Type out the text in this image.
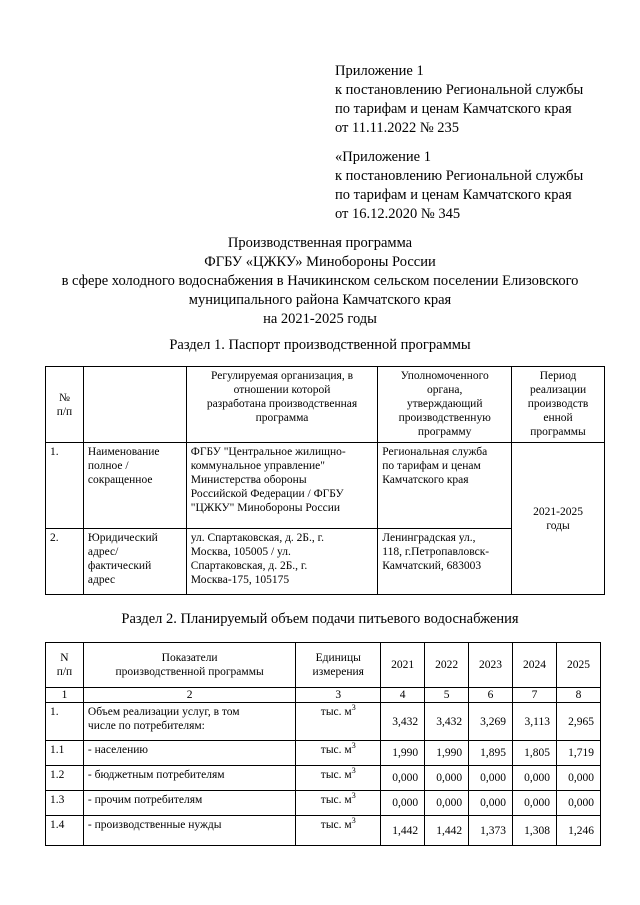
Приложение 1
к постановлению Региональной службы
по тарифам и ценам Камчатского края
от 11.11.2022 № 235
«Приложение 1
к постановлению Региональной службы
по тарифам и ценам Камчатского края
от 16.12.2020 № 345
Производственная программа
ФГБУ «ЦЖКУ» Минобороны России
в сфере холодного водоснабжения в Начикинском сельском поселении Елизовского
муниципального района Камчатского края
на 2021-2025 годы
Раздел 1. Паспорт производственной программы
№
п/п		Регулируемая организация, в
отношении которой
разработана производственная
программа	Уполномоченного
органа,
утверждающий
производственную
программу	Период
реализации
производств
енной
программы
1.	Наименование
полное /
сокращенное	ФГБУ "Центральное жилищно-
коммунальное управление"
Министерства обороны
Российской Федерации / ФГБУ
"ЦЖКУ" Минобороны России	Региональная служба
по тарифам и ценам
Камчатского края	2021-2025
годы
2.	Юридический
адрес/
фактический
адрес	ул. Спартаковская, д. 2Б., г.
Москва, 105005 / ул.
Спартаковская, д. 2Б., г.
Москва-175, 105175	Ленинградская ул.,
118, г.Петропавловск-
Камчатский, 683003	
Раздел 2. Планируемый объем подачи питьевого водоснабжения
N
п/п	Показатели
производственной программы	Единицы
измерения	2021	2022	2023	2024	2025
1	2	3	4	5	6	7	8
1.	Объем реализации услуг, в том
числе по потребителям:	тыс. $м^3$	3,432	3,432	3,269	3,113	2,965
1.1	- населению	тыс. $м^3$	1,990	1,990	1,895	1,805	1,719
1.2	- бюджетным потребителям	тыс. $м^3$	0,000	0,000	0,000	0,000	0,000
1.3	- прочим потребителям	тыс. $м^3$	0,000	0,000	0,000	0,000	0,000
1.4	- производственные нужды	тыс. $м^3$	1,442	1,442	1,373	1,308	1,246
